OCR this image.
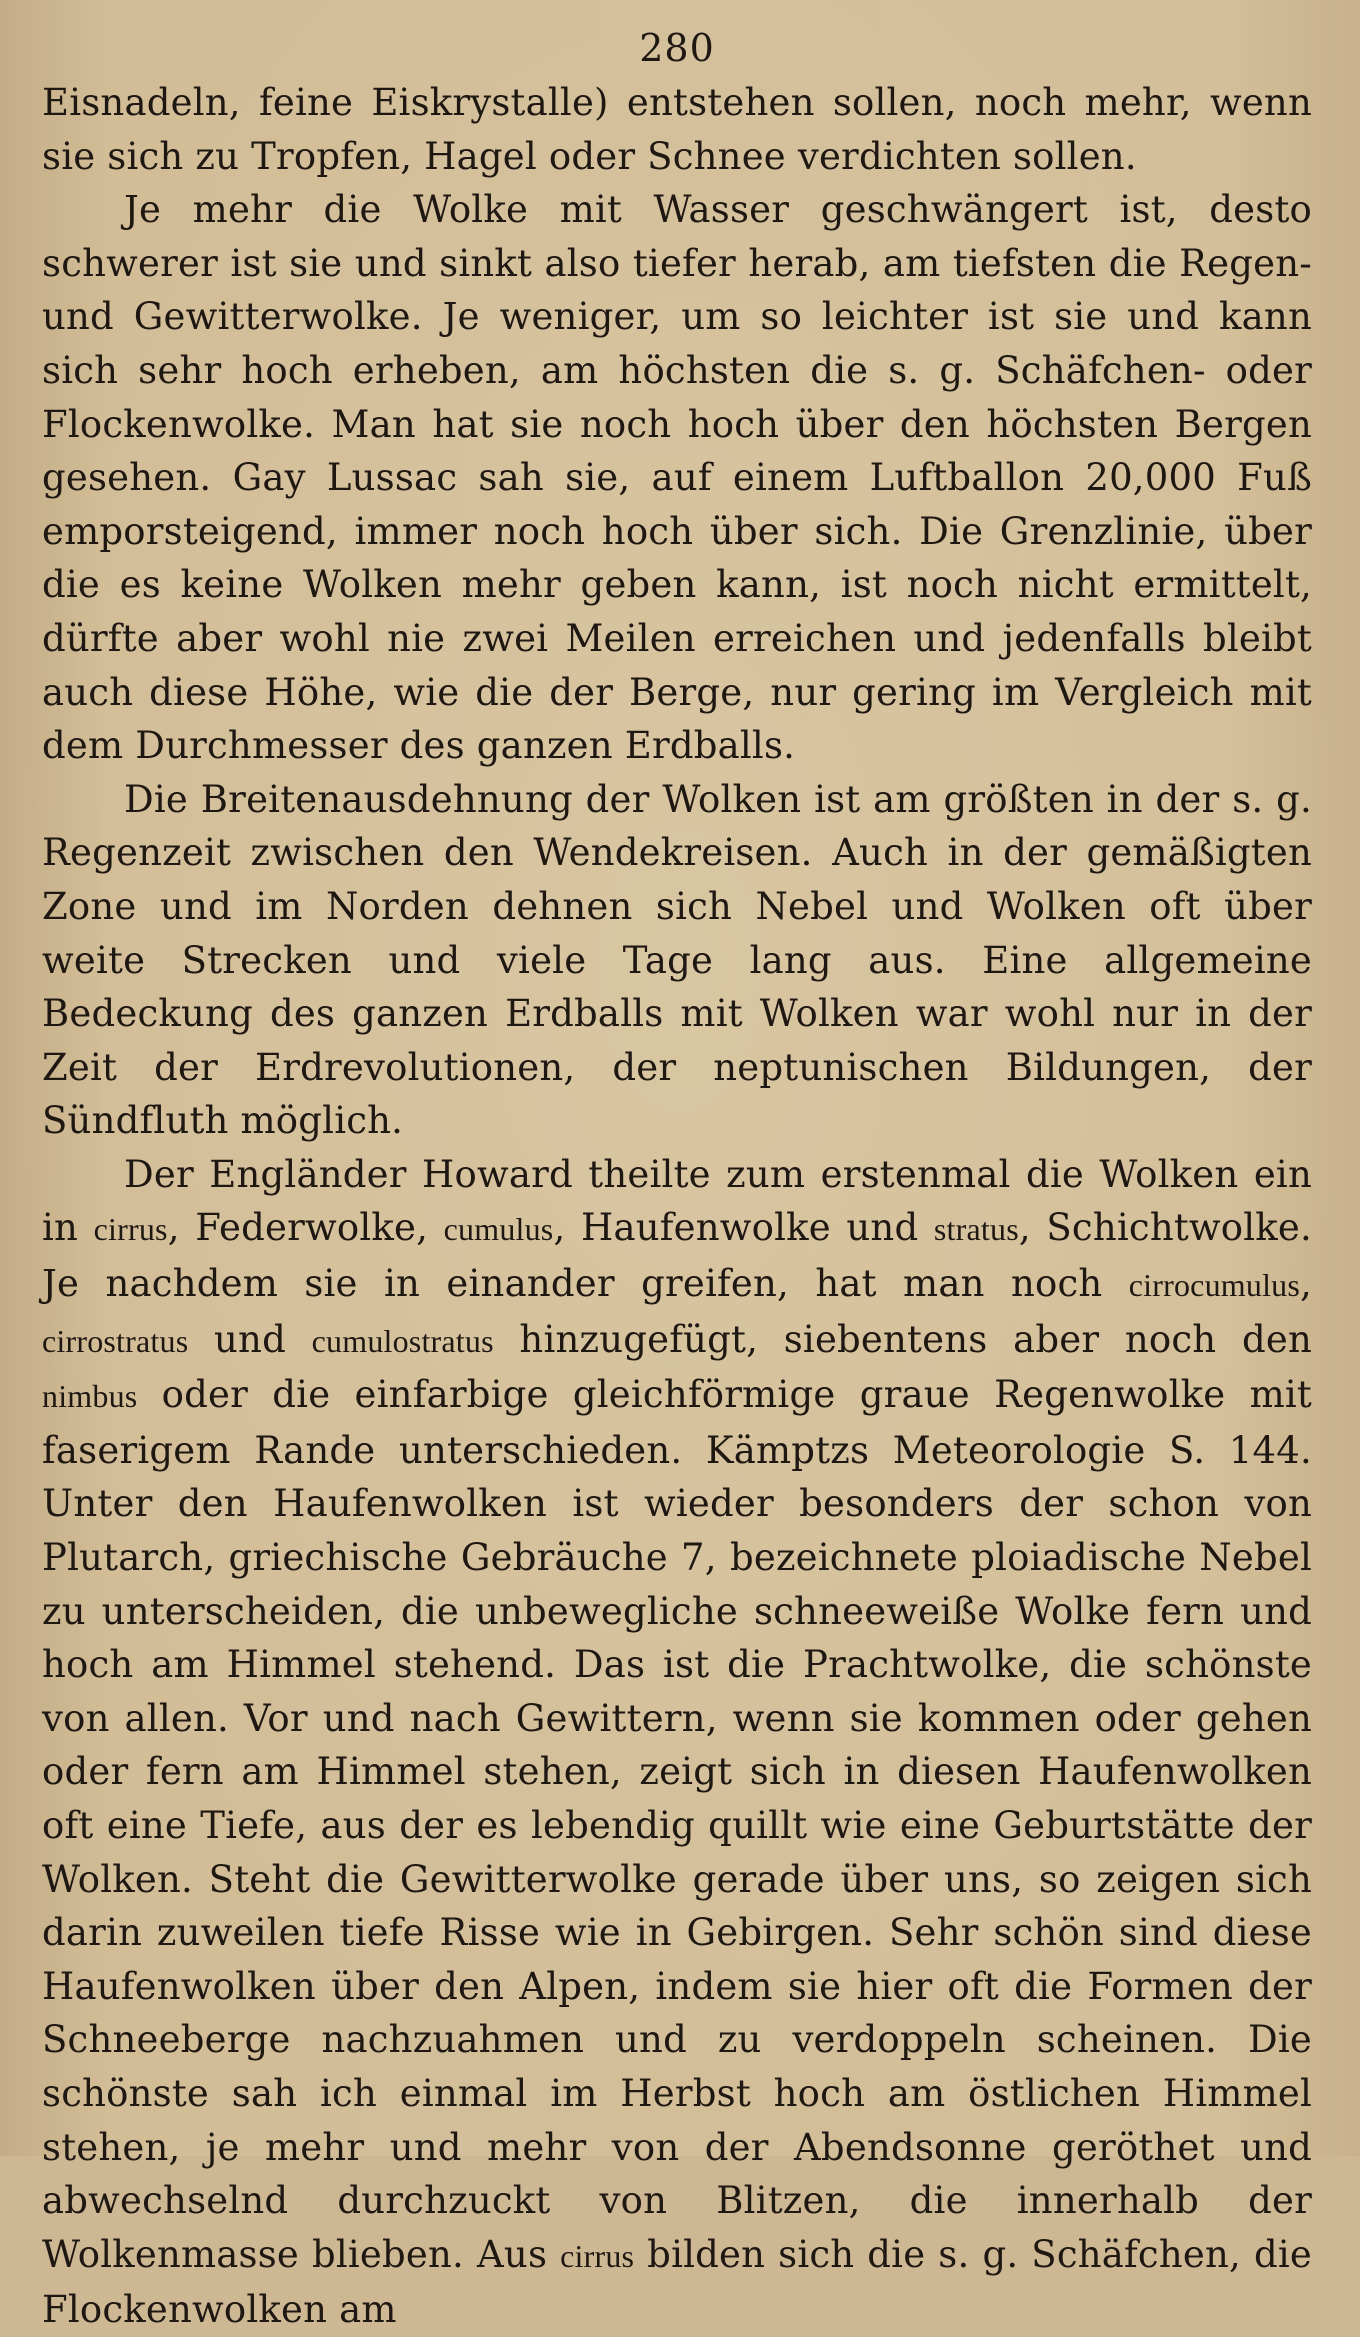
280

Eisnadeln, feine Eiskrystalle) entstehen sollen, noch mehr, wenn sie sich zu Tropfen, Hagel oder Schnee verdichten sollen.

Je mehr die Wolke mit Wasser geschwängert ist, desto schwerer ist sie und sinkt also tiefer herab, am tiefsten die Regen- und Gewitterwolke. Je weniger, um so leichter ist sie und kann sich sehr hoch erheben, am höchsten die s. g. Schäfchen- oder Flockenwolke. Man hat sie noch hoch über den höchsten Bergen gesehen. Gay Lussac sah sie, auf einem Luftballon 20,000 Fuß emporsteigend, immer noch hoch über sich. Die Grenzlinie, über die es keine Wolken mehr geben kann, ist noch nicht ermittelt, dürfte aber wohl nie zwei Meilen erreichen und jedenfalls bleibt auch diese Höhe, wie die der Berge, nur gering im Vergleich mit dem Durchmesser des ganzen Erdballs.

Die Breitenausdehnung der Wolken ist am größten in der s. g. Regenzeit zwischen den Wendekreisen. Auch in der gemäßigten Zone und im Norden dehnen sich Nebel und Wolken oft über weite Strecken und viele Tage lang aus. Eine allgemeine Bedeckung des ganzen Erdballs mit Wolken war wohl nur in der Zeit der Erdrevolutionen, der neptunischen Bildungen, der Sündfluth möglich.

Der Engländer Howard theilte zum erstenmal die Wolken ein in cirrus, Federwolke, cumulus, Haufenwolke und stratus, Schichtwolke. Je nachdem sie in einander greifen, hat man noch cirrocumulus, cirrostratus und cumulostratus hinzugefügt, siebentens aber noch den nimbus oder die einfarbige gleichförmige graue Regenwolke mit faserigem Rande unterschieden. Kämptzs Meteorologie S. 144. Unter den Haufenwolken ist wieder besonders der schon von Plutarch, griechische Gebräuche 7, bezeichnete ploiadische Nebel zu unterscheiden, die unbewegliche schneeweiße Wolke fern und hoch am Himmel stehend. Das ist die Prachtwolke, die schönste von allen. Vor und nach Gewittern, wenn sie kommen oder gehen oder fern am Himmel stehen, zeigt sich in diesen Haufenwolken oft eine Tiefe, aus der es lebendig quillt wie eine Geburtstätte der Wolken. Steht die Gewitterwolke gerade über uns, so zeigen sich darin zuweilen tiefe Risse wie in Gebirgen. Sehr schön sind diese Haufenwolken über den Alpen, indem sie hier oft die Formen der Schneeberge nachzuahmen und zu verdoppeln scheinen. Die schönste sah ich einmal im Herbst hoch am östlichen Himmel stehen, je mehr und mehr von der Abendsonne geröthet und abwechselnd durchzuckt von Blitzen, die innerhalb der Wolkenmasse blieben. Aus cirrus bilden sich die s. g. Schäfchen, die Flockenwolken am
